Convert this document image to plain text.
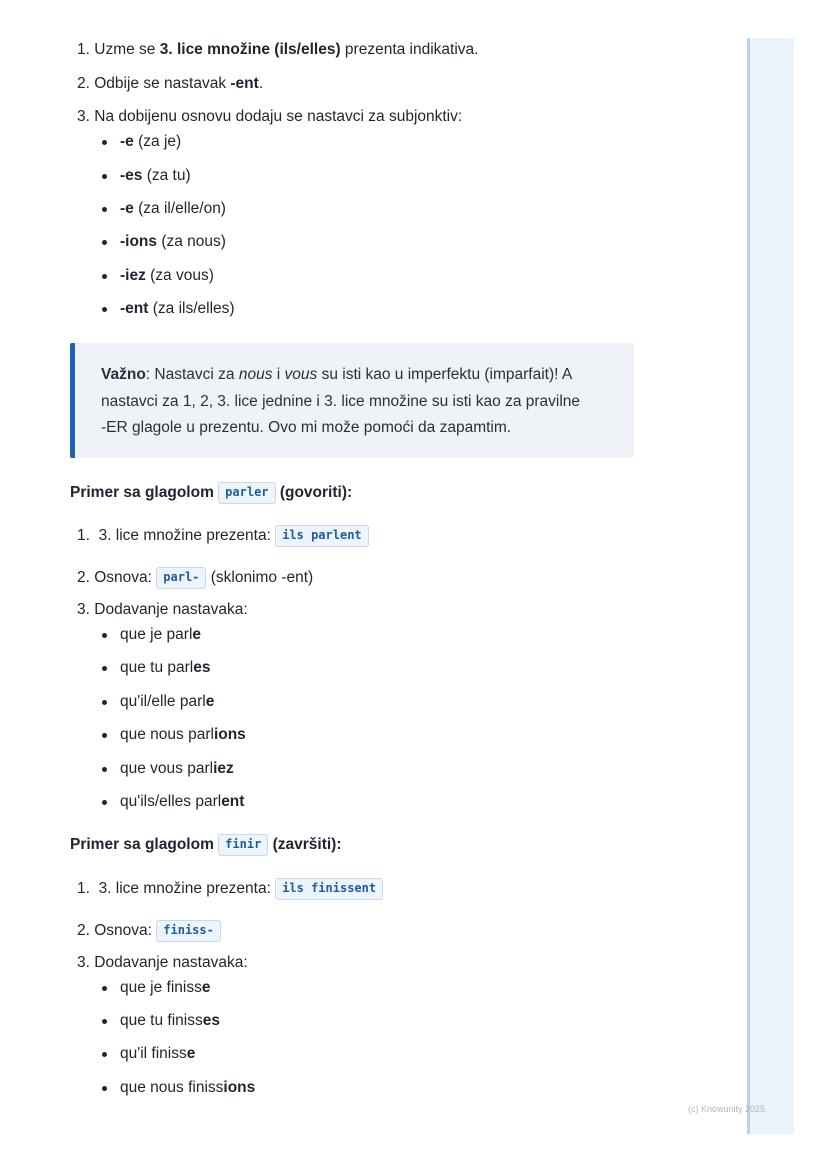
1. Uzme se 3. lice množine (ils/elles) prezenta indikativa.
2. Odbije se nastavak -ent.
3. Na dobijenu osnovu dodaju se nastavci za subjonktiv:
-e (za je)
-es (za tu)
-e (za il/elle/on)
-ions (za nous)
-iez (za vous)
-ent (za ils/elles)
Važno: Nastavci za nous i vous su isti kao u imperfektu (imparfait)! A
nastavci za 1, 2, 3. lice jednine i 3. lice množine su isti kao za pravilne
-ER glagole u prezentu. Ovo mi može pomoći da zapamtim.
Primer sa glagolom parler (govoriti):
1. 3. lice množine prezenta: ils parlent
2. Osnova: parl- (sklonimo -ent)
3. Dodavanje nastavaka:
que je parle
que tu parles
qu'il/elle parle
que nous parlions
que vous parliez
qu'ils/elles parlent
Primer sa glagolom finir (završiti):
1. 3. lice množine prezenta: ils finissent
2. Osnova: finiss-
3. Dodavanje nastavaka:
que je finisse
que tu finisses
qu'il finisse
que nous finissions
(c) Knowunity 2025
